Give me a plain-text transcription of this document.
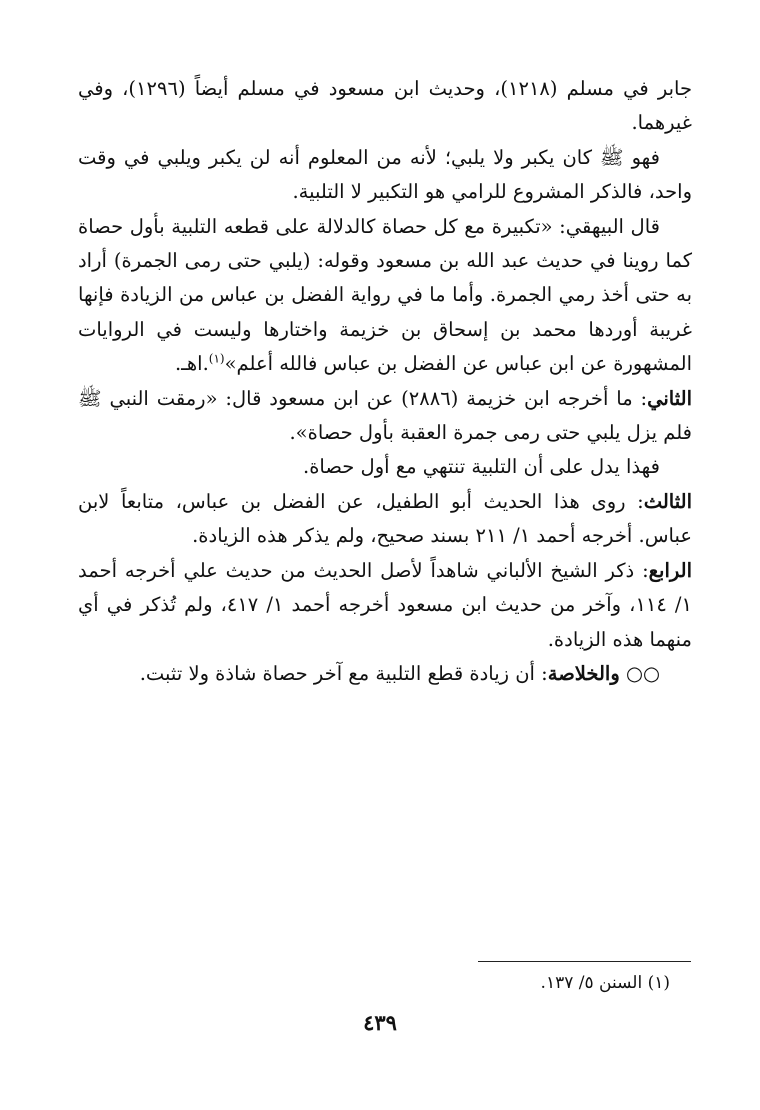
جابر في مسلم (١٢١٨)، وحديث ابن مسعود في مسلم أيضاً (١٢٩٦)، وفي غيرهما.

فهو ﷺ كان يكبر ولا يلبي؛ لأنه من المعلوم أنه لن يكبر ويلبي في وقت واحد، فالذكر المشروع للرامي هو التكبير لا التلبية.

قال البيهقي: «تكبيرة مع كل حصاة كالدلالة على قطعه التلبية بأول حصاة كما روينا في حديث عبد الله بن مسعود وقوله: (يلبي حتى رمى الجمرة) أراد به حتى أخذ رمي الجمرة. وأما ما في رواية الفضل بن عباس من الزيادة فإنها غريبة أوردها محمد بن إسحاق بن خزيمة واختارها وليست في الروايات المشهورة عن ابن عباس عن الفضل بن عباس فالله أعلم»$^{(١)}$.اهـ.

الثاني: ما أخرجه ابن خزيمة (٢٨٨٦) عن ابن مسعود قال: «رمقت النبي ﷺ فلم يزل يلبي حتى رمى جمرة العقبة بأول حصاة».

فهذا يدل على أن التلبية تنتهي مع أول حصاة.

الثالث: روى هذا الحديث أبو الطفيل، عن الفضل بن عباس، متابعاً لابن عباس. أخرجه أحمد ١/ ٢١١ بسند صحيح، ولم يذكر هذه الزيادة.

الرابع: ذكر الشيخ الألباني شاهداً لأصل الحديث من حديث علي أخرجه أحمد ١/ ١١٤، وآخر من حديث ابن مسعود أخرجه أحمد ١/ ٤١٧، ولم تُذكر في أي منهما هذه الزيادة.

○○ والخلاصة: أن زيادة قطع التلبية مع آخر حصاة شاذة ولا تثبت.

(١) السنن ٥/ ١٣٧.
٤٣٩
